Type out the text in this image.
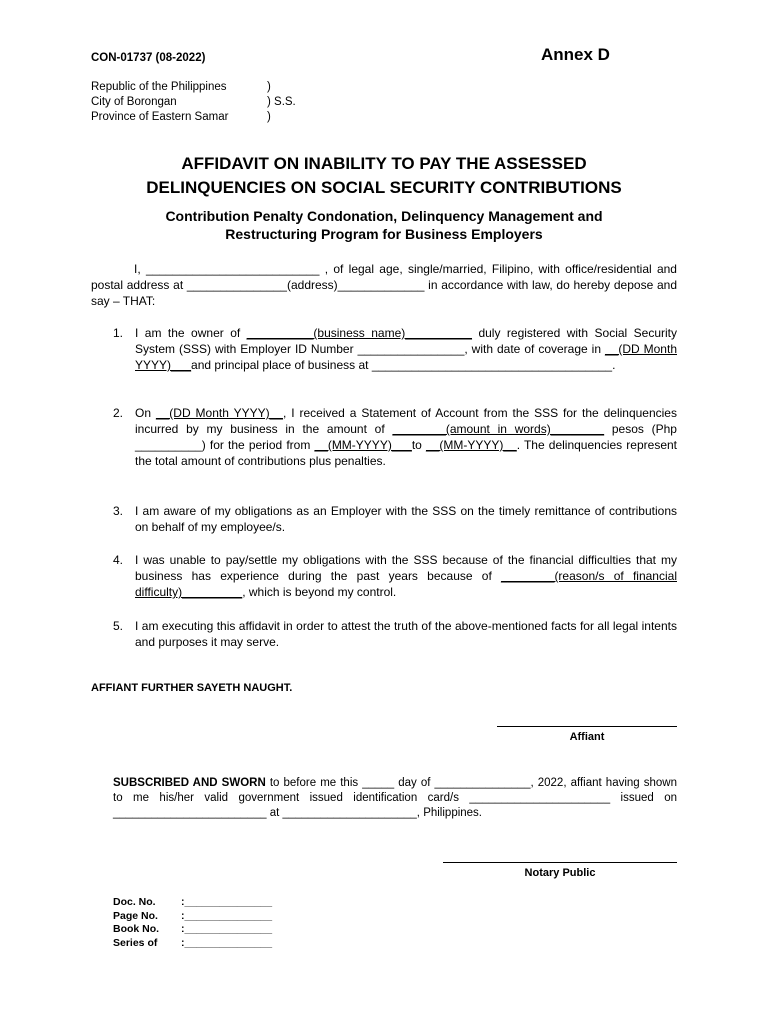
CON-01737 (08-2022)	Annex D
Republic of the Philippines	)
City of Borongan	) S.S.
Province of Eastern Samar	)
AFFIDAVIT ON INABILITY TO PAY THE ASSESSED
DELINQUENCIES ON SOCIAL SECURITY CONTRIBUTIONS
Contribution Penalty Condonation, Delinquency Management and
Restructuring Program for Business Employers
I, __________________________ , of legal age, single/married, Filipino, with office/residential and postal address at _______________(address)_____________ in accordance with law, do hereby depose and say – THAT:
1. I am the owner of __________(business name)__________ duly registered with Social Security System (SSS) with Employer ID Number ________________, with date of coverage in __(DD Month YYYY)___and principal place of business at ____________________________________.
2. On __(DD Month YYYY)__, I received a Statement of Account from the SSS for the delinquencies incurred by my business in the amount of ________(amount in words)________ pesos (Php __________) for the period from __(MM-YYYY)___to __(MM-YYYY)__. The delinquencies represent the total amount of contributions plus penalties.
3. I am aware of my obligations as an Employer with the SSS on the timely remittance of contributions on behalf of my employee/s.
4. I was unable to pay/settle my obligations with the SSS because of the financial difficulties that my business has experience during the past years because of ________(reason/s of financial difficulty)_________, which is beyond my control.
5. I am executing this affidavit in order to attest the truth of the above-mentioned facts for all legal intents and purposes it may serve.
AFFIANT FURTHER SAYETH NAUGHT.
Affiant
SUBSCRIBED AND SWORN to before me this _____ day of _______________, 2022, affiant having shown to me his/her valid government issued identification card/s ______________________ issued on ________________________ at _____________________, Philippines.
Notary Public
Doc. No.	:_______________
Page No.	:_______________
Book No.	:_______________
Series of	:_______________
